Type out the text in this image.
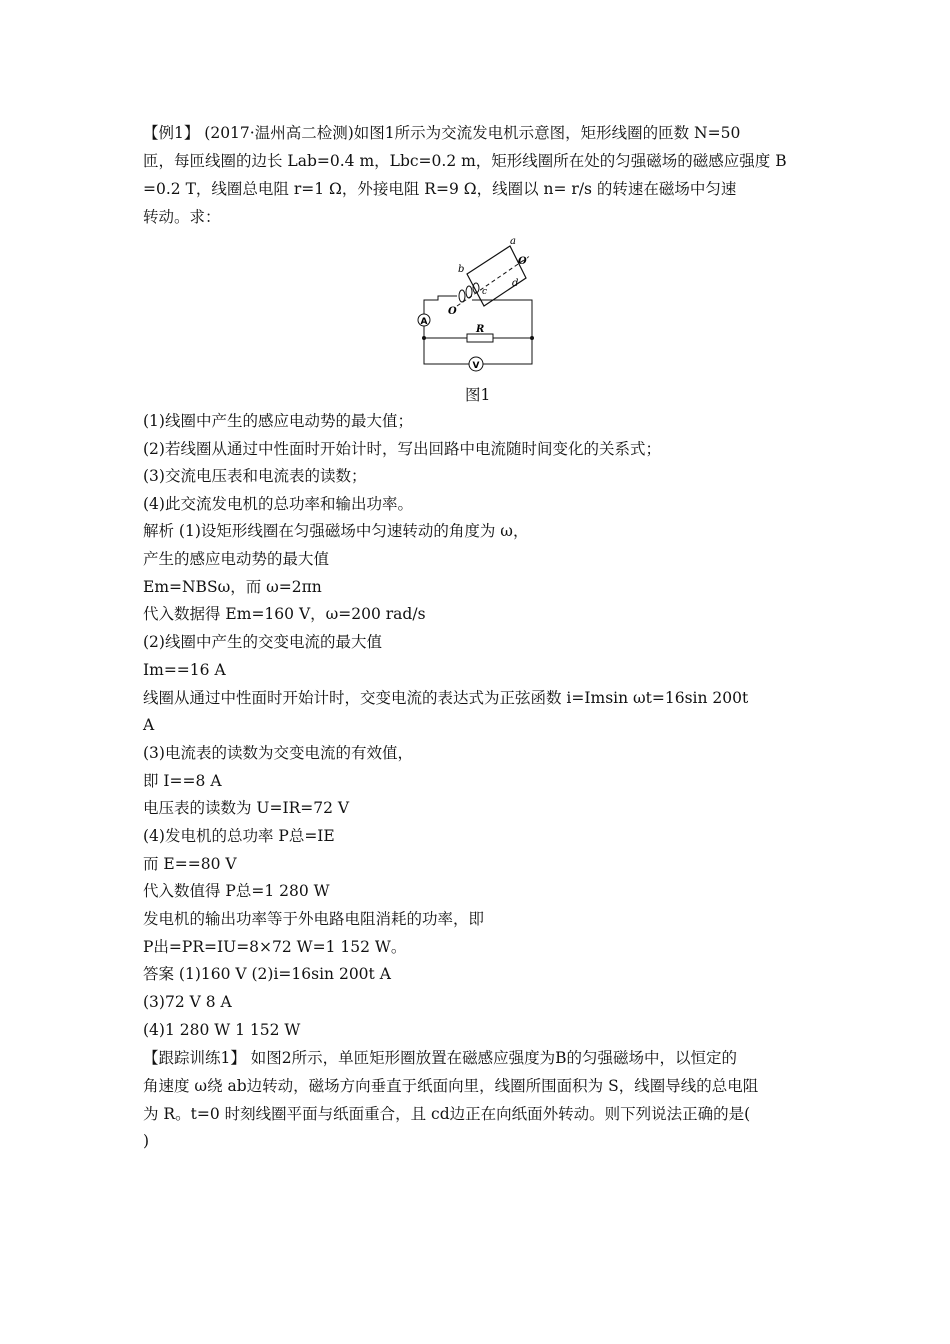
【例1】 (2017·温州高二检测)如图1所示为交流发电机示意图，矩形线圈的匝数 N=50
匝，每匝线圈的边长 Lab=0.4 m，Lbc=0.2 m，矩形线圈所在处的匀强磁场的磁感应强度 B
=0.2 T，线圈总电阻 r=1 Ω，外接电阻 R=9 Ω，线圈以 n= r/s 的转速在磁场中匀速
转动。求：
a
O′
b
c
d
O
A
R
V
图1
(1)线圈中产生的感应电动势的最大值；
(2)若线圈从通过中性面时开始计时，写出回路中电流随时间变化的关系式；
(3)交流电压表和电流表的读数；
(4)此交流发电机的总功率和输出功率。
解析 (1)设矩形线圈在匀强磁场中匀速转动的角度为 ω，
产生的感应电动势的最大值
Em=NBSω，而 ω=2πn
代入数据得 Em=160 V，ω=200 rad/s
(2)线圈中产生的交变电流的最大值
Im==16 A
线圈从通过中性面时开始计时，交变电流的表达式为正弦函数 i=Imsin ωt=16sin 200t
A
(3)电流表的读数为交变电流的有效值，
即 I==8 A
电压表的读数为 U=IR=72 V
(4)发电机的总功率 P总=IE
而 E==80 V
代入数值得 P总=1 280 W
发电机的输出功率等于外电路电阻消耗的功率，即
P出=PR=IU=8×72 W=1 152 W。
答案 (1)160 V (2)i=16sin 200t A
(3)72 V 8 A
(4)1 280 W 1 152 W
【跟踪训练1】 如图2所示，单匝矩形圈放置在磁感应强度为B的匀强磁场中，以恒定的
角速度 ω绕 ab边转动，磁场方向垂直于纸面向里，线圈所围面积为 S，线圈导线的总电阻
为 R。t=0 时刻线圈平面与纸面重合，且 cd边正在向纸面外转动。则下列说法正确的是(
)
